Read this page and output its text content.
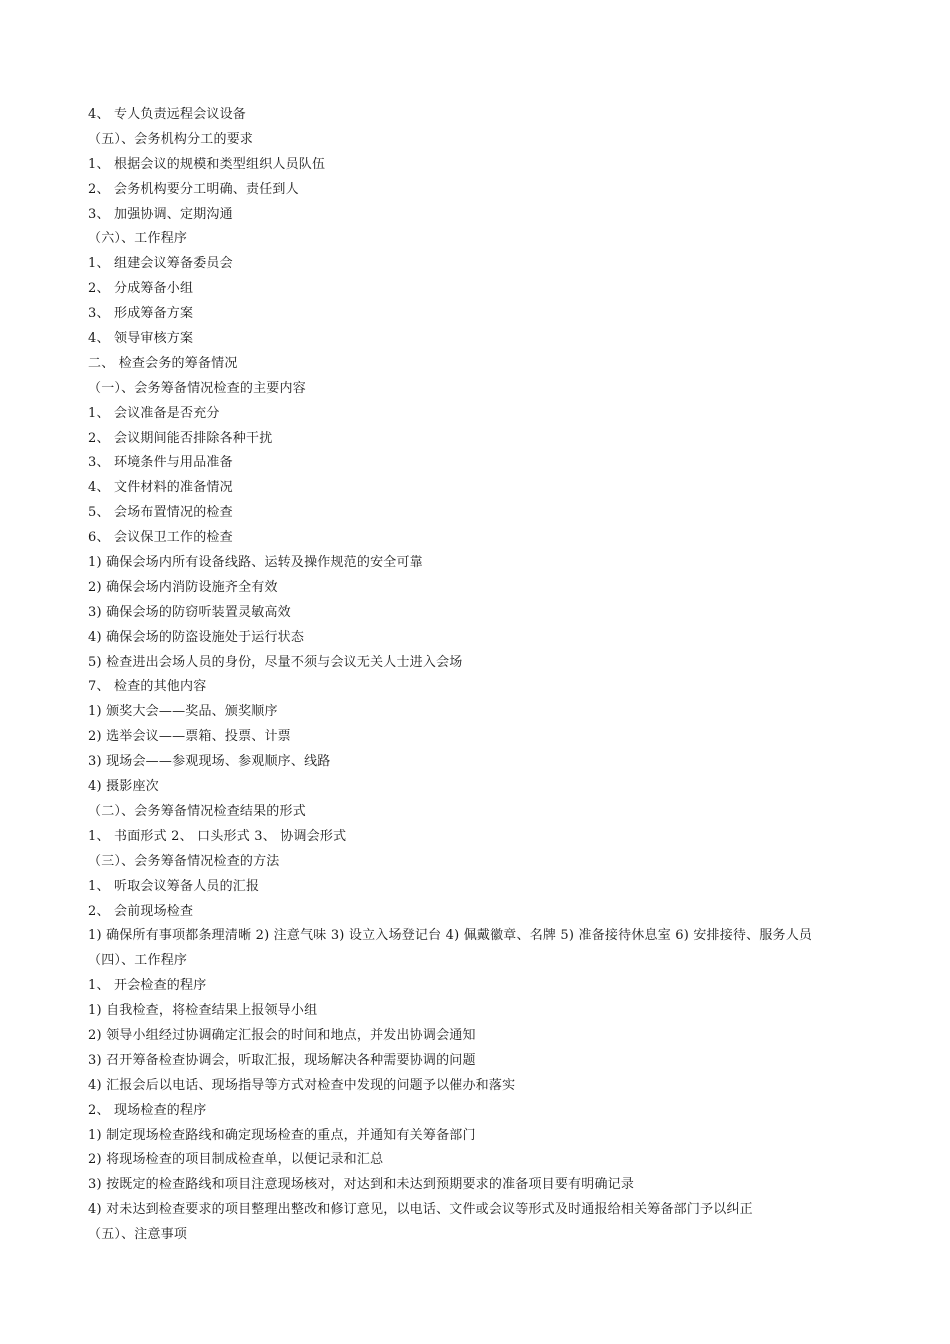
4、 专人负责远程会议设备
（五）、会务机构分工的要求
1、 根据会议的规模和类型组织人员队伍
2、 会务机构要分工明确、责任到人
3、 加强协调、定期沟通
（六）、工作程序
1、 组建会议筹备委员会
2、 分成筹备小组
3、 形成筹备方案
4、 领导审核方案
二、 检查会务的筹备情况
（一）、会务筹备情况检查的主要内容
1、 会议准备是否充分
2、 会议期间能否排除各种干扰
3、 环境条件与用品准备
4、 文件材料的准备情况
5、 会场布置情况的检查
6、 会议保卫工作的检查
1) 确保会场内所有设备线路、运转及操作规范的安全可靠
2) 确保会场内消防设施齐全有效
3) 确保会场的防窃听装置灵敏高效
4) 确保会场的防盗设施处于运行状态
5) 检查进出会场人员的身份，尽量不须与会议无关人士进入会场
7、 检查的其他内容
1) 颁奖大会——奖品、颁奖顺序
2) 选举会议——票箱、投票、计票
3) 现场会——参观现场、参观顺序、线路
4) 摄影座次
（二）、会务筹备情况检查结果的形式
1、 书面形式 2、 口头形式 3、 协调会形式
（三）、会务筹备情况检查的方法
1、 听取会议筹备人员的汇报
2、 会前现场检查
1) 确保所有事项都条理清晰 2) 注意气味 3) 设立入场登记台 4) 佩戴徽章、名牌 5) 准备接待休息室 6) 安排接待、服务人员
（四）、工作程序
1、 开会检查的程序
1) 自我检查，将检查结果上报领导小组
2) 领导小组经过协调确定汇报会的时间和地点，并发出协调会通知
3) 召开筹备检查协调会，听取汇报，现场解决各种需要协调的问题
4) 汇报会后以电话、现场指导等方式对检查中发现的问题予以催办和落实
2、 现场检查的程序
1) 制定现场检查路线和确定现场检查的重点，并通知有关筹备部门
2) 将现场检查的项目制成检查单，以便记录和汇总
3) 按既定的检查路线和项目注意现场核对，对达到和未达到预期要求的准备项目要有明确记录
4) 对未达到检查要求的项目整理出整改和修订意见，以电话、文件或会议等形式及时通报给相关筹备部门予以纠正
（五）、注意事项
